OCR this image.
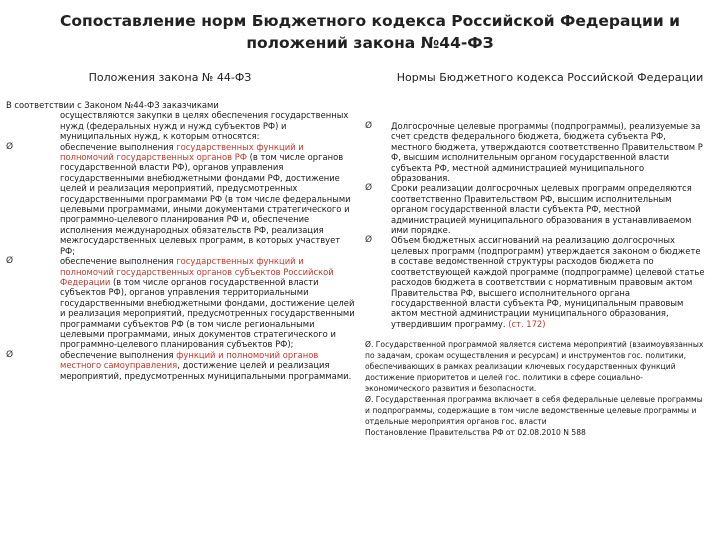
Сопоставление норм Бюджетного кодекса Российской Федерации и положений закона №44-ФЗ
Положения закона № 44-ФЗ	Нормы Бюджетного кодекса Российской Федерации

В соответствии с Законом №44-ФЗ заказчиками
осуществляются закупки в целях обеспечения государственных нужд (федеральных нужд и нужд субъектов РФ) и муниципальных нужд, к которым относятся:

Ø	обеспечение выполнения государственных функций и полномочий государственных органов РФ (в том числе органов государственной власти РФ), органов управления государственными внебюджетными фондами РФ, достижение целей и реализация мероприятий, предусмотренных государственными программами РФ (в том числе федеральными целевыми программами, иными документами стратегического и программно-целевого планирования РФ и, обеспечение исполнения международных обязательств РФ, реализация межгосударственных целевых программ, в которых участвует РФ;
Ø	обеспечение выполнения государственных функций и полномочий государственных органов субъектов Российской Федерации (в том числе органов государственной власти субъектов РФ), органов управления территориальными государственными внебюджетными фондами, достижение целей и реализация мероприятий, предусмотренных государственными программами субъектов РФ (в том числе региональными целевыми программами, иных документов стратегического и программно-целевого планирования субъектов РФ);
Ø	обеспечение выполнения функций и полномочий органов местного самоуправления, достижение целей и реализация мероприятий, предусмотренных муниципальными программами.
Ø Долгосрочные целевые программы (подпрограммы), реализуемые за счет средств федерального бюджета, бюджета субъекта РФ, местного бюджета, утверждаются соответственно Правительством Р Ф, высшим исполнительным органом государственной власти субъекта РФ, местной администрацией муниципального образования.
Ø Сроки реализации долгосрочных целевых программ определяются соответственно Правительством РФ, высшим исполнительным органом государственной власти субъекта РФ, местной администрацией муниципального образования в устанавливаемом ими порядке.
Ø Объем бюджетных ассигнований на реализацию долгосрочных целевых программ (подпрограмм) утверждается законом о бюджете в составе ведомственной структуры расходов бюджета по соответствующей каждой программе (подпрограмме) целевой статье расходов бюджета в соответствии с нормативным правовым актом Правительства РФ, высшего исполнительного органа государственной власти субъекта РФ, муниципальным правовым актом местной администрации муниципального образования, утвердившим программу. (ст. 172)

Ø. Государственной программой является система мероприятий (взаимоувязанных по задачам, срокам осуществления и ресурсам) и инструментов гос. политики, обеспечивающих в рамках реализации ключевых государственных функций достижение приоритетов и целей гос. политики в сфере социально-экономического развития и безопасности.

Ø. Государственная программа включает в себя федеральные целевые программы и подпрограммы, содержащие в том числе ведомственные целевые программы и отдельные мероприятия органов гос. власти

Постановление Правительства РФ от 02.08.2010 N 588
